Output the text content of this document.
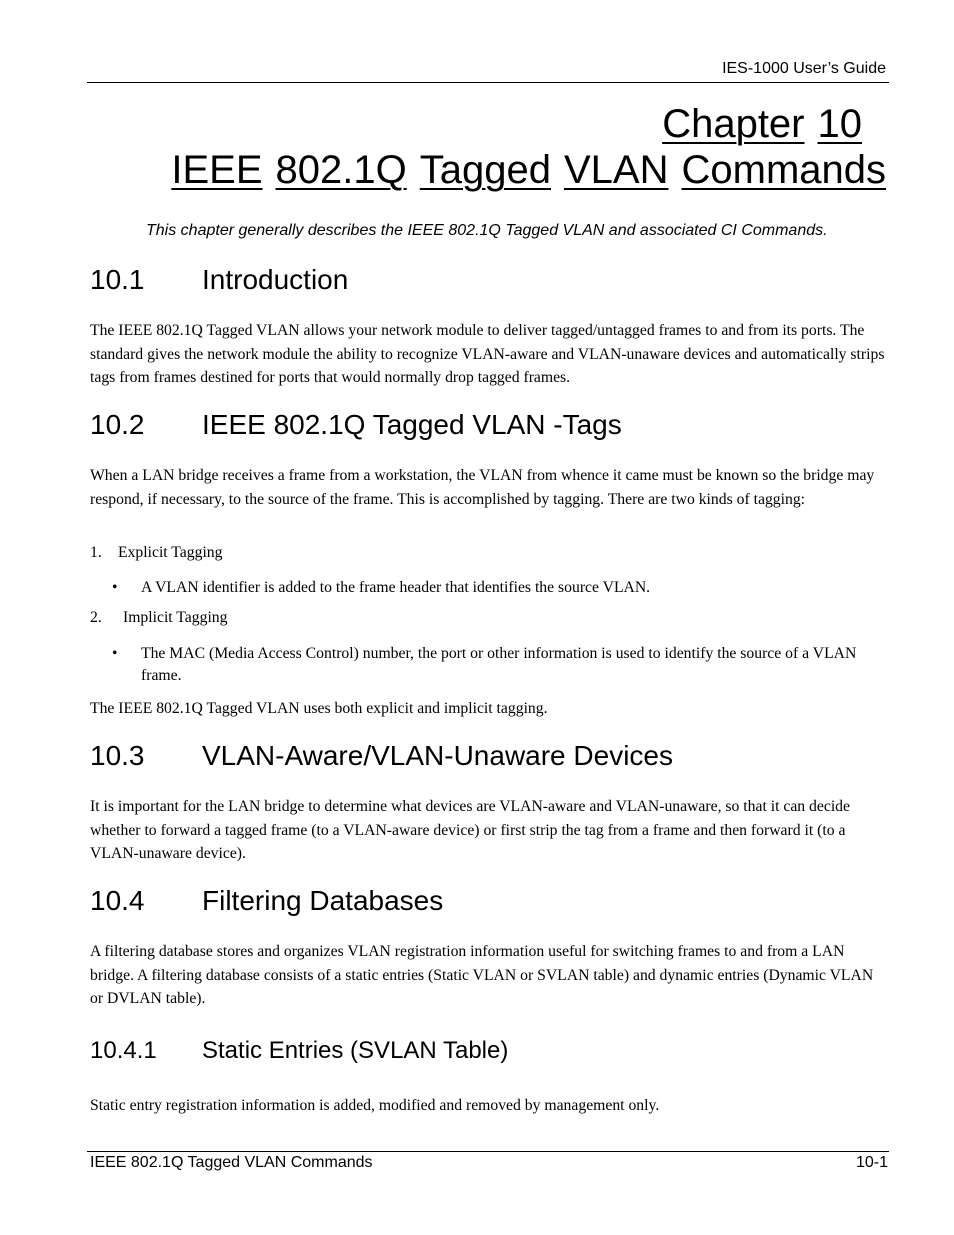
IES-1000 User’s Guide
Chapter 10
IEEE 802.1Q Tagged VLAN Commands
This chapter generally describes the IEEE 802.1Q Tagged VLAN and associated CI Commands.
10.1 Introduction
The IEEE 802.1Q Tagged VLAN allows your network module to deliver tagged/untagged frames to and from its ports. The standard gives the network module the ability to recognize VLAN-aware and VLAN-unaware devices and automatically strips tags from frames destined for ports that would normally drop tagged frames.
10.2 IEEE 802.1Q Tagged VLAN -Tags
When a LAN bridge receives a frame from a workstation, the VLAN from whence it came must be known so the bridge may respond, if necessary, to the source of the frame. This is accomplished by tagging. There are two kinds of tagging:
1. Explicit Tagging
• A VLAN identifier is added to the frame header that identifies the source VLAN.
2. Implicit Tagging
• The MAC (Media Access Control) number, the port or other information is used to identify the source of a VLAN frame.
The IEEE 802.1Q Tagged VLAN uses both explicit and implicit tagging.
10.3 VLAN-Aware/VLAN-Unaware Devices
It is important for the LAN bridge to determine what devices are VLAN-aware and VLAN-unaware, so that it can decide whether to forward a tagged frame (to a VLAN-aware device) or first strip the tag from a frame and then forward it (to a VLAN-unaware device).
10.4 Filtering Databases
A filtering database stores and organizes VLAN registration information useful for switching frames to and from a LAN bridge. A filtering database consists of a static entries (Static VLAN or SVLAN table) and dynamic entries (Dynamic VLAN or DVLAN table).
10.4.1 Static Entries (SVLAN Table)
Static entry registration information is added, modified and removed by management only.
IEEE 802.1Q Tagged VLAN Commands	10-1
